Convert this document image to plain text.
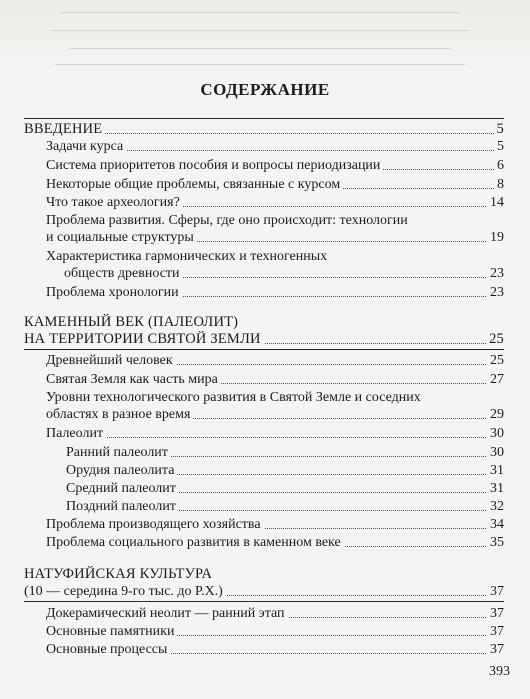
СОДЕРЖАНИЕ
ВВЕДЕНИЕ	5
Задачи курса	5
Система приоритетов пособия и вопросы периодизации	6
Некоторые общие проблемы, связанные с курсом	8
Что такое археология?	14
Проблема развития. Сферы, где оно происходит: технологии
и социальные структуры	19
Характеристика гармонических и техногенных
обществ древности	23
Проблема хронологии	23
КАМЕННЫЙ ВЕК (ПАЛЕОЛИТ)
НА ТЕРРИТОРИИ СВЯТОЙ ЗЕМЛИ	25
Древнейший человек	25
Святая Земля как часть мира	27
Уровни технологического развития в Святой Земле и соседних
областях в разное время	29
Палеолит	30
Ранний палеолит	30
Орудия палеолита	31
Средний палеолит	31
Поздний палеолит	32
Проблема производящего хозяйства	34
Проблема социального развития в каменном веке	35
НАТУФИЙСКАЯ КУЛЬТУРА
(10 — середина 9-го тыс. до Р.Х.)	37
Докерамический неолит — ранний этап	37
Основные памятники	37
Основные процессы	37
393
